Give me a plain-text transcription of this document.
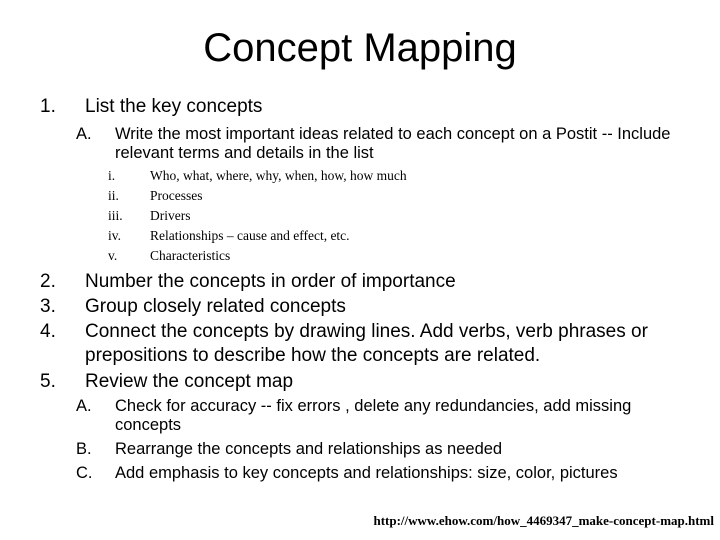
Concept Mapping
1. List the key concepts
A. Write the most important ideas related to each concept on a Postit -- Include relevant terms and details in the list
i.	Who, what, where, why, when, how, how much
ii. Processes
iii. Drivers
iv. Relationships – cause and effect, etc.
v. Characteristics
2. Number the concepts in order of importance
3. Group closely related concepts
4. Connect the concepts by drawing lines. Add verbs, verb phrases or prepositions to describe how the concepts are related.
5. Review the concept map
A. Check for accuracy -- fix errors , delete any redundancies, add missing concepts
B. Rearrange the concepts and relationships as needed
C. Add emphasis to key concepts and relationships: size, color, pictures
http://www.ehow.com/how_4469347_make-concept-map.html
